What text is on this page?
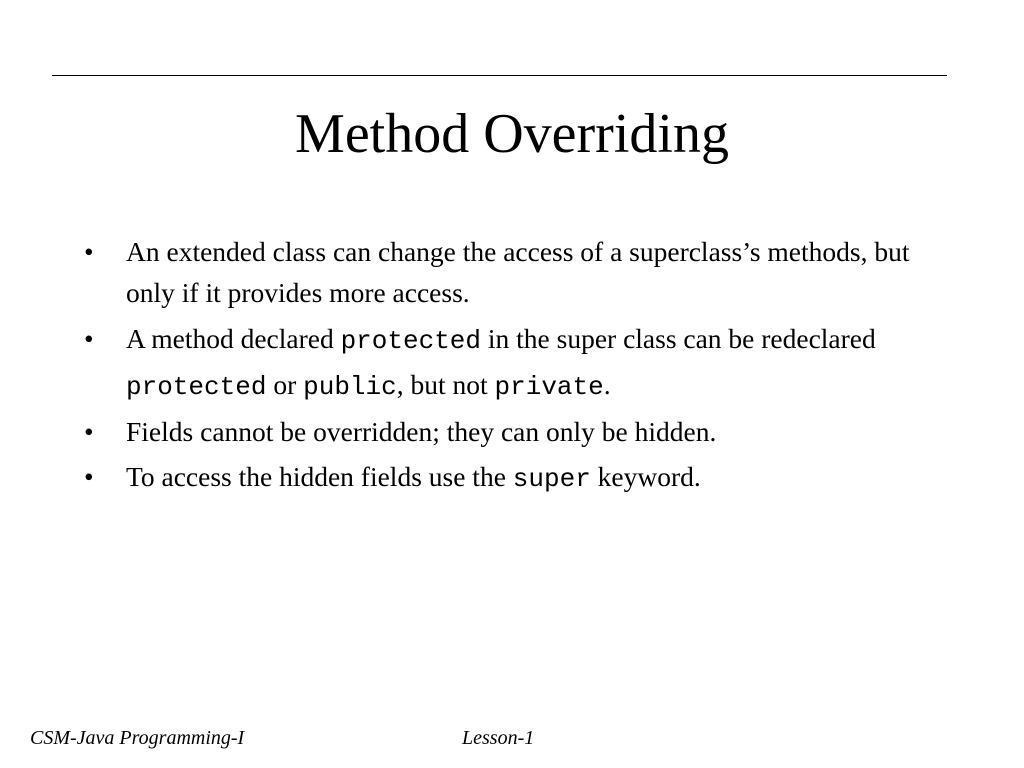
Method Overriding
•	An extended class can change the access of a superclass’s methods, but only if it provides more access.
•	A method declared protected in the super class can be redeclared protected or public, but not private.
•	Fields cannot be overridden; they can only be hidden.
•	To access the hidden fields use the super keyword.
CSM-Java Programming-I	Lesson-1
